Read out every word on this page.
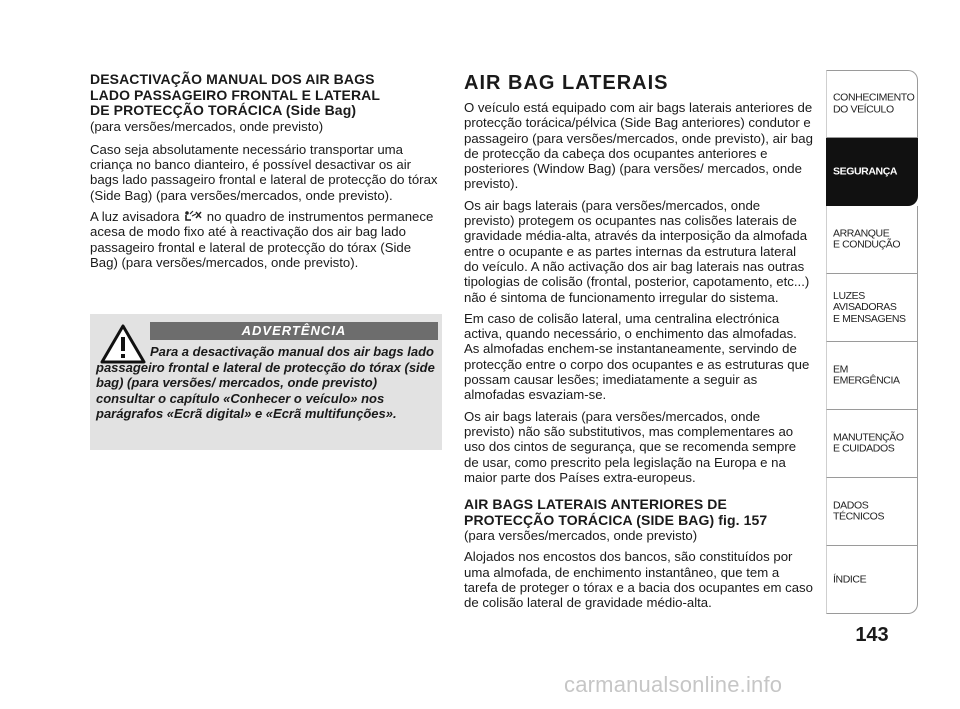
DESACTIVAÇÃO MANUAL DOS AIR BAGS
LADO PASSAGEIRO FRONTAL E LATERAL
DE PROTECÇÃO TORÁCICA (Side Bag)

(para versões/mercados, onde previsto)

Caso seja absolutamente necessário transportar uma criança no banco dianteiro, é possível desactivar os air bags lado passageiro frontal e lateral de protecção do tórax (Side Bag) (para versões/mercados, onde previsto).

A luz avisadora no quadro de instrumentos permanece acesa de modo fixo até à reactivação dos air bag lado passageiro frontal e lateral de protecção do tórax (Side Bag) (para versões/mercados, onde previsto).

ADVERTÊNCIA
Para a desactivação manual dos air bags lado passageiro frontal e lateral de protecção do tórax (side bag) (para versões/ mercados, onde previsto) consultar o capítulo «Conhecer o veículo» nos parágrafos «Ecrã digital» e «Ecrã multifunções».

AIR BAG LATERAIS

O veículo está equipado com air bags laterais anteriores de protecção torácica/pélvica (Side Bag anteriores) condutor e passageiro (para versões/mercados, onde previsto), air bag de protecção da cabeça dos ocupantes anteriores e posteriores (Window Bag) (para versões/ mercados, onde previsto).

Os air bags laterais (para versões/mercados, onde previsto) protegem os ocupantes nas colisões laterais de gravidade média-alta, através da interposição da almofada entre o ocupante e as partes internas da estrutura lateral do veículo. A não activação dos air bag laterais nas outras tipologias de colisão (frontal, posterior, capotamento, etc...) não é sintoma de funcionamento irregular do sistema.

Em caso de colisão lateral, uma centralina electrónica activa, quando necessário, o enchimento das almofadas. As almofadas enchem-se instantaneamente, servindo de protecção entre o corpo dos ocupantes e as estruturas que possam causar lesões; imediatamente a seguir as almofadas esvaziam-se.

Os air bags laterais (para versões/mercados, onde previsto) não são substitutivos, mas complementares ao uso dos cintos de segurança, que se recomenda sempre de usar, como prescrito pela legislação na Europa e na maior parte dos Países extra-europeus.

AIR BAGS LATERAIS ANTERIORES DE
PROTECÇÃO TORÁCICA (SIDE BAG) fig. 157

(para versões/mercados, onde previsto)

Alojados nos encostos dos bancos, são constituídos por uma almofada, de enchimento instantâneo, que tem a tarefa de proteger o tórax e a bacia dos ocupantes em caso de colisão lateral de gravidade médio-alta.

CONHECIMENTO
DO VEÍCULO
SEGURANÇA
ARRANQUE
E CONDUÇÃO
LUZES
AVISADORAS
E MENSAGENS
EM EMERGÊNCIA
MANUTENÇÃO
E CUIDADOS
DADOS
TÉCNICOS
ÍNDICE
143
carmanualsonline.info
